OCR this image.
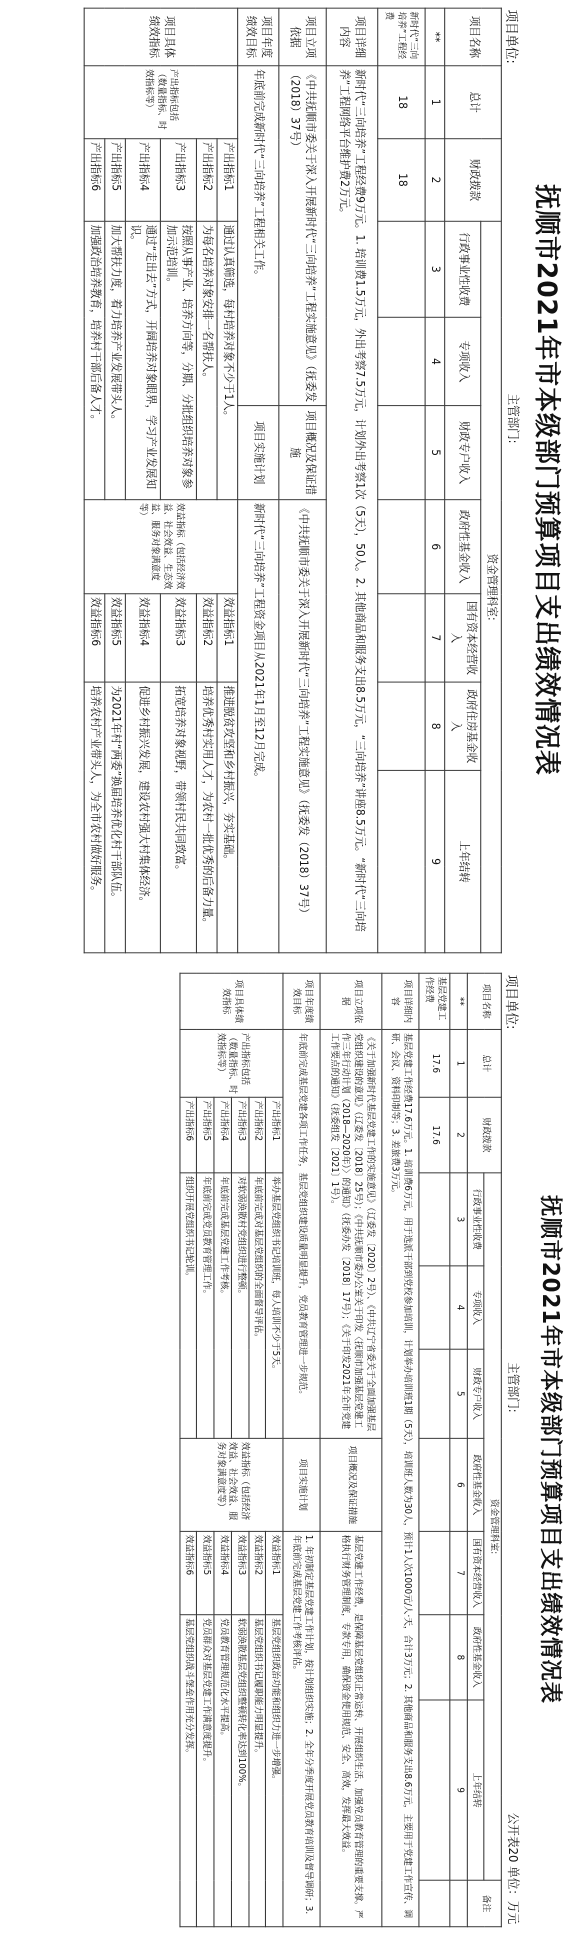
抚顺市2021年市本级部门预算项目支出绩效情况表
项目单位:
主管部门:
项目名称	总计	财政拨款	资金管理科室:						
			行政事业性收费	专项收入	财政专户收入	政府性基金收入	国有资本经营收入	政府住房基金收入	上年结转
**	1	2	3	4	5	6	7	8	9
新时代“三向培养”工程经费	18	18							
项目详细内容	新时代“三向培养”工程经费9万元。1. 培训费1.5万元，外出考察7.5万元，计划外出考察1次（5天），50人。2. 其他商品和服务支出8.5万元，“三向培养”讲座8.5万元。“新时代“三向培养”工程网络平台维护费2万元。								
项目立项依据	《中共抚顺市委关于深入开展新时代“三向培养”工程实施意见》（抚委发（2018）37号）				项目概况及保证措施	《中共抚顺市委关于深入开展新时代“三向培养”工程实施意见》（抚委发（2018）37号）			
项目年度绩效目标	年底前完成新时代“三向培养”工程相关工作。				项目实施计划	新时代“三向培养”工程资金项目从2021年1月至12月完成。			
项目具体绩效指标	产出指标包括（数量指标、时效指标等）	产出指标1	通过认真筛选，每村培养对象不少于1人。			效益指标（包括经济效益、社会效益、生态效益、服务对象满意度等）	效益指标1	推进脱贫攻坚和乡村振兴，夯实基础。	
		产出指标2	为每名培养对象安排一名帮扶人。				效益指标2	培养优秀村实用人才，为农村一批优秀的后备力量。	
		产出指标3	按照从事产业、培养方向等，分期、分批组织培养对象参加示范培训。				效益指标3	拓宽培养对象视野，带领村民共同致富。	
		产出指标4	通过“走出去”方式，开阔培养对象眼界，学习产业发展知识。				效益指标4	促进乡村振兴发展，建设农村强大村集体经济。	
		产出指标5	加大帮扶力度，着力培养产业发展带头人。				效益指标5	为2021年村“两委”换届培养优化村干部队伍。	
		产出指标6	加强政治培养教育，培养村干部后备人才。				效益指标6	培养农村产业带头人，为全市农村做好服务。	
抚顺市2021年市本级部门预算项目支出绩效情况表
项目单位:
主管部门:
公开表20 单位：万元
项目名称	总计	财政拨款	资金管理科室:							备注
			行政事业性收费	专项收入	财政专户收入	政府性基金收入	国有资本经营收入	政府性基金收入	上年结转	
**	1	2	3	4	5	6	7	8	9	
基层党建工作经费	17.6	17.6								
项目详细内容	基层党建工作经费17.6万元。1. 培训费6万元，用于选派干部到党校参加培训，计划举办培训班1期（5天），培训班人数为30人，预计1人次1000元/人·天，合计3万元；2. 其他商品和服务支出8.6万元，主要用于党建工作宣传、调研、会议、资料印制等；3. 差旅费3万元。									
项目立项依据	《关于加强新时代基层党建工作的实施意见》（辽委发〔2020〕2号）、《中共辽宁省委关于全面加强基层党组织建设的意见》（辽委发〔2018〕25号）；《中共抚顺市委办公室关于印发〈抚顺市加强基层党建工作三年行动计划（2018—2020年）〉的通知》（抚委办发〔2018〕17号）；《关于印发2021年全市党建工作要点的通知》（抚委组发〔2021〕1号）。					项目概况及保证措施	基层党建工作经费，是保障基层党组织正常运转、开展组织生活、加强党员教育管理的重要支撑。严格执行财务管理制度，专款专用，确保资金使用规范、安全、高效，发挥最大效益。			
项目年度绩效目标	年底前完成基层党建各项工作任务，基层党组织建设质量明显提升，党员教育管理进一步规范。					项目实施计划	1. 年初制定基层党建工作计划，按计划组织实施；2. 全年分季度开展党员教育培训及督导调研；3. 年底前完成基层党建工作考核评估。			
项目具体绩效指标	产出指标包括（数量指标、时效指标等）	产出指标1	举办基层党组织书记培训班，每人培训不少于5天。			效益指标（包括经济效益、社会效益、服务对象满意度等）	效益指标1	基层党组织政治功能和组织力进一步增强。		
		产出指标2	年底前完成对基层党组织的全面督导评估。				效益指标2	基层党组织书记履职能力明显提升。		
		产出指标3	对软弱涣散村党组织进行整顿。				效益指标3	软弱涣散基层党组织整顿转化率达到100%。		
		产出指标4	年底前完成基层党建工作考核。				效益指标4	党员教育管理规范化水平提高。		
		产出指标5	年底前完成党员教育管理工作。				效益指标5	党员群众对基层党建工作满意度提升。		
		产出指标6	组织开展党组织书记轮训。				效益指标6	基层党组织战斗堡垒作用充分发挥。		
